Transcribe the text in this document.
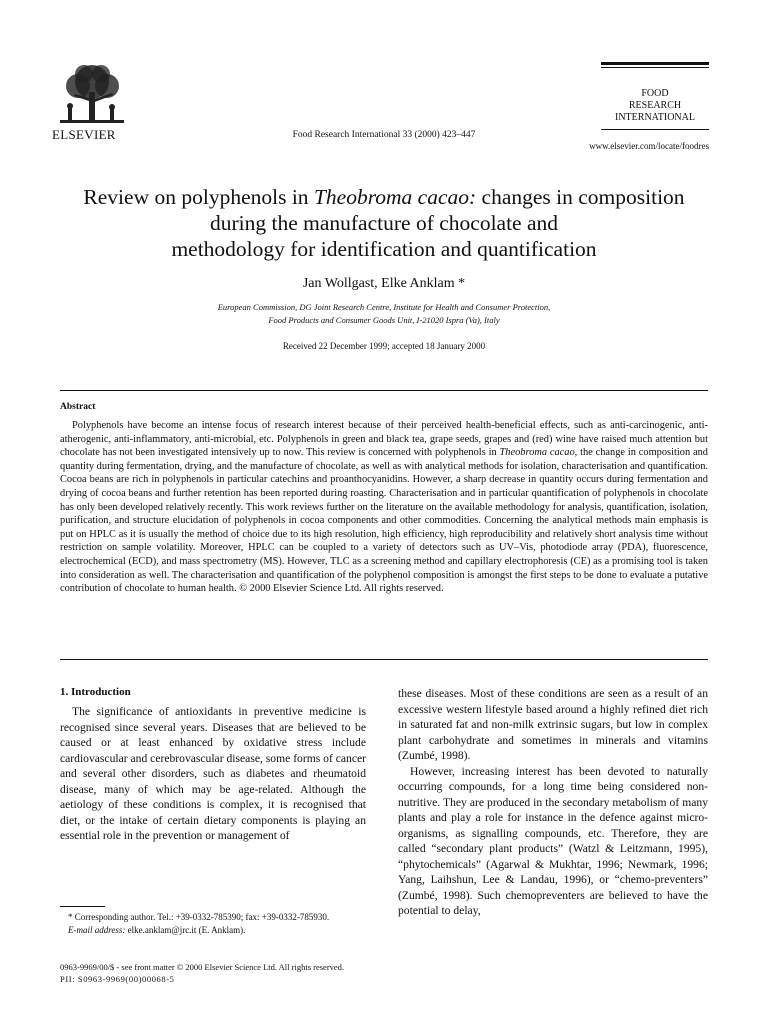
ELSEVIER	Food Research International 33 (2000) 423–447
FOOD
RESEARCH
INTERNATIONAL
www.elsevier.com/locate/foodres
Review on polyphenols in Theobroma cacao: changes in composition
during the manufacture of chocolate and
methodology for identification and quantification
Jan Wollgast, Elke Anklam *
European Commission, DG Joint Research Centre, Institute for Health and Consumer Protection,
Food Products and Consumer Goods Unit, I-21020 Ispra (Va), Italy
Received 22 December 1999; accepted 18 January 2000
Abstract
Polyphenols have become an intense focus of research interest because of their perceived health-beneficial effects, such as anti-carcinogenic, anti-atherogenic, anti-inflammatory, anti-microbial, etc. Polyphenols in green and black tea, grape seeds, grapes and (red) wine have raised much attention but chocolate has not been investigated intensively up to now. This review is concerned with polyphenols in Theobroma cacao, the change in composition and quantity during fermentation, drying, and the manufacture of chocolate, as well as with analytical methods for isolation, characterisation and quantification. Cocoa beans are rich in polyphenols in particular catechins and proanthocyanidins. However, a sharp decrease in quantity occurs during fermentation and drying of cocoa beans and further retention has been reported during roasting. Characterisation and in particular quantification of polyphenols in chocolate has only been developed relatively recently. This work reviews further on the literature on the available methodology for analysis, quantification, isolation, purification, and structure elucidation of polyphenols in cocoa components and other commodities. Concerning the analytical methods main emphasis is put on HPLC as it is usually the method of choice due to its high resolution, high efficiency, high reproducibility and relatively short analysis time without restriction on sample volatility. Moreover, HPLC can be coupled to a variety of detectors such as UV–Vis, photodiode array (PDA), fluorescence, electrochemical (ECD), and mass spectrometry (MS). However, TLC as a screening method and capillary electrophoresis (CE) as a promising tool is taken into consideration as well. The characterisation and quantification of the polyphenol composition is amongst the first steps to be done to evaluate a putative contribution of chocolate to human health. © 2000 Elsevier Science Ltd. All rights reserved.
1. Introduction

The significance of antioxidants in preventive medicine is recognised since several years. Diseases that are believed to be caused or at least enhanced by oxidative stress include cardiovascular and cerebrovascular disease, some forms of cancer and several other disorders, such as diabetes and rheumatoid disease, many of which may be age-related. Although the aetiology of these conditions is complex, it is recognised that diet, or the intake of certain dietary components is playing an essential role in the prevention or management of

these diseases. Most of these conditions are seen as a result of an excessive western lifestyle based around a highly refined diet rich in saturated fat and non-milk extrinsic sugars, but low in complex plant carbohydrate and sometimes in minerals and vitamins (Zumbé, 1998).

However, increasing interest has been devoted to naturally occurring compounds, for a long time being considered non-nutritive. They are produced in the secondary metabolism of many plants and play a role for instance in the defence against micro-organisms, as signalling compounds, etc. Therefore, they are called “secondary plant products” (Watzl & Leitzmann, 1995), “phytochemicals” (Agarwal & Mukhtar, 1996; Newmark, 1996; Yang, Laihshun, Lee & Landau, 1996), or “chemo-preventers” (Zumbé, 1998). Such chemopreventers are believed to have the potential to delay,

* Corresponding author. Tel.: +39-0332-785390; fax: +39-0332-785930.
E-mail address: elke.anklam@jrc.it (E. Anklam).
0963-9969/00/$ - see front matter © 2000 Elsevier Science Ltd. All rights reserved.
PII: S0963-9969(00)00068-5
